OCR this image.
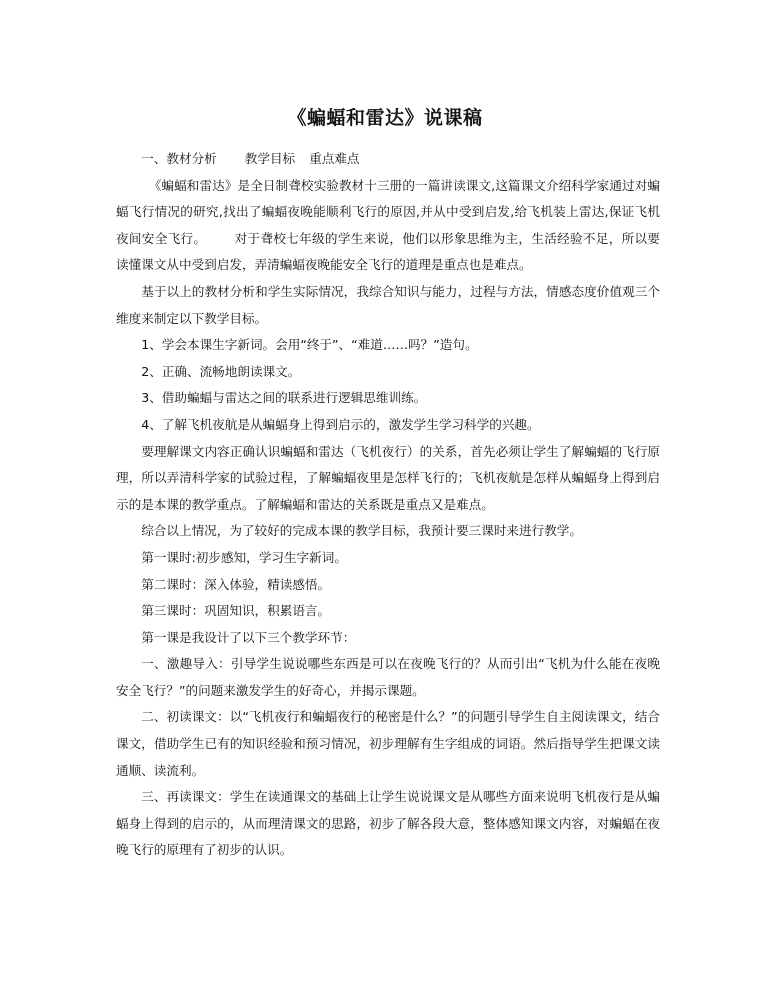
《蝙蝠和雷达》说课稿

一、教材分析 教学目标 重点难点

《蝙蝠和雷达》是全日制聋校实验教材十三册的一篇讲读课文,这篇课文介绍科学家通过对蝙蝠飞行情况的研究,找出了蝙蝠夜晚能顺利飞行的原因,并从中受到启发,给飞机装上雷达,保证飞机夜间安全飞行。 对于聋校七年级的学生来说，他们以形象思维为主，生活经验不足，所以要读懂课文从中受到启发，弄清蝙蝠夜晚能安全飞行的道理是重点也是难点。

基于以上的教材分析和学生实际情况，我综合知识与能力，过程与方法，情感态度价值观三个维度来制定以下教学目标。

1、学会本课生字新词。会用“终于”、“难道……吗？”造句。

2、正确、流畅地朗读课文。

3、借助蝙蝠与雷达之间的联系进行逻辑思维训练。

4、了解飞机夜航是从蝙蝠身上得到启示的，激发学生学习科学的兴趣。

要理解课文内容正确认识蝙蝠和雷达（飞机夜行）的关系，首先必须让学生了解蝙蝠的飞行原理，所以弄清科学家的试验过程，了解蝙蝠夜里是怎样飞行的；飞机夜航是怎样从蝙蝠身上得到启示的是本课的教学重点。了解蝙蝠和雷达的关系既是重点又是难点。

综合以上情况，为了较好的完成本课的教学目标，我预计要三课时来进行教学。

第一课时:初步感知，学习生字新词。

第二课时：深入体验，精读感悟。

第三课时：巩固知识，积累语言。

第一课是我设计了以下三个教学环节：

一、激趣导入：引导学生说说哪些东西是可以在夜晚飞行的？从而引出“飞机为什么能在夜晚安全飞行？”的问题来激发学生的好奇心，并揭示课题。

二、初读课文：以“飞机夜行和蝙蝠夜行的秘密是什么？”的问题引导学生自主阅读课文，结合课文，借助学生已有的知识经验和预习情况，初步理解有生字组成的词语。然后指导学生把课文读通顺、读流利。

三、再读课文：学生在读通课文的基础上让学生说说课文是从哪些方面来说明飞机夜行是从蝙蝠身上得到的启示的，从而理清课文的思路，初步了解各段大意，整体感知课文内容，对蝙蝠在夜晚飞行的原理有了初步的认识。
